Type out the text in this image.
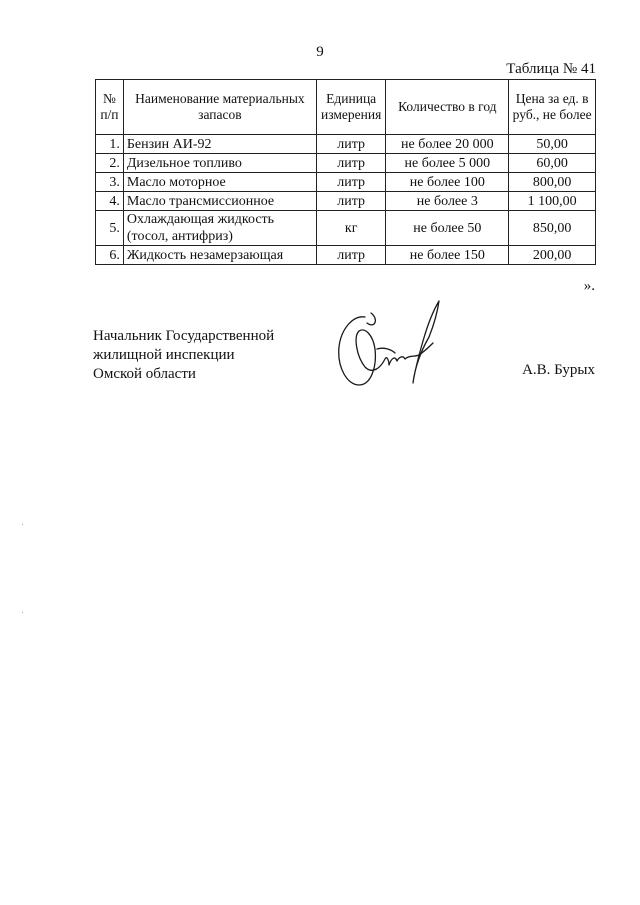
9
Таблица № 41
№ п/п	Наименование материальных запасов	Единица измерения	Количество в год	Цена за ед. в руб., не более
1.	Бензин АИ-92	литр	не более 20 000	50,00
2.	Дизельное топливо	литр	не более 5 000	60,00
3.	Масло моторное	литр	не более 100	800,00
4.	Масло трансмиссионное	литр	не более 3	1 100,00
5.	Охлаждающая жидкость (тосол, антифриз)	кг	не более 50	850,00
6.	Жидкость незамерзающая	литр	не более 150	200,00
».
Начальник Государственной
жилищной инспекции
Омской области	А.В. Бурых
